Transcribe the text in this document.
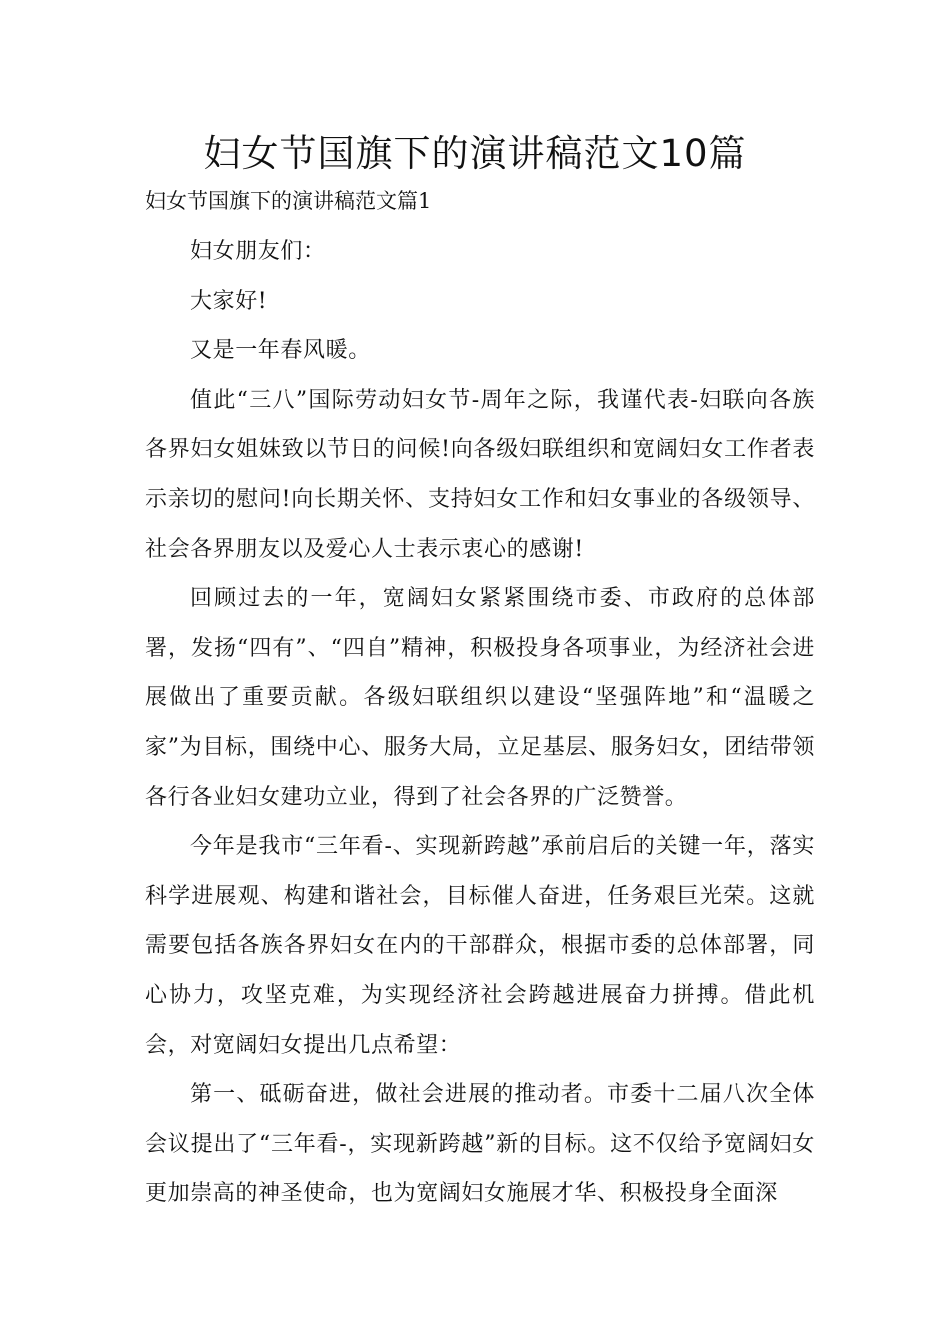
妇女节国旗下的演讲稿范文10篇

妇女节国旗下的演讲稿范文篇1

妇女朋友们：

大家好!

又是一年春风暖。

值此“三八”国际劳动妇女节-周年之际，我谨代表-妇联向各族各界妇女姐妹致以节日的问候!向各级妇联组织和宽阔妇女工作者表示亲切的慰问!向长期关怀、支持妇女工作和妇女事业的各级领导、社会各界朋友以及爱心人士表示衷心的感谢!

回顾过去的一年，宽阔妇女紧紧围绕市委、市政府的总体部署，发扬“四有”、“四自”精神，积极投身各项事业，为经济社会进展做出了重要贡献。各级妇联组织以建设“坚强阵地”和“温暖之家”为目标，围绕中心、服务大局，立足基层、服务妇女，团结带领各行各业妇女建功立业，得到了社会各界的广泛赞誉。

今年是我市“三年看-、实现新跨越”承前启后的关键一年，落实科学进展观、构建和谐社会，目标催人奋进，任务艰巨光荣。这就需要包括各族各界妇女在内的干部群众，根据市委的总体部署，同心协力，攻坚克难，为实现经济社会跨越进展奋力拼搏。借此机会，对宽阔妇女提出几点希望：

第一、砥砺奋进，做社会进展的推动者。市委十二届八次全体会议提出了“三年看-，实现新跨越”新的目标。这不仅给予宽阔妇女更加崇高的神圣使命，也为宽阔妇女施展才华、积极投身全面深
